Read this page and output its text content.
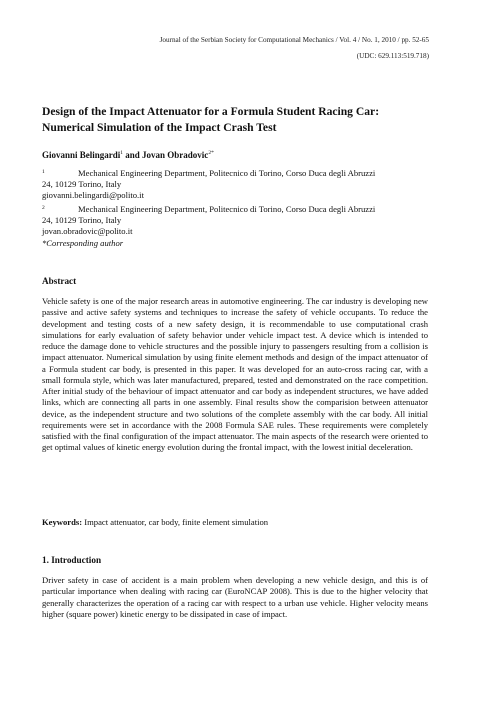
Journal of the Serbian Society for Computational Mechanics / Vol. 4 / No. 1, 2010 / pp. 52-65
(UDC: 629.113:519.718)
Design of the Impact Attenuator for a Formula Student Racing Car:
Numerical Simulation of the Impact Crash Test
Giovanni Belingardi$^1$ and Jovan Obradovic$^{2*}$
1	Mechanical Engineering Department, Politecnico di Torino, Corso Duca degli Abruzzi
24, 10129 Torino, Italy
giovanni.belingardi@polito.it
2	Mechanical Engineering Department, Politecnico di Torino, Corso Duca degli Abruzzi
24, 10129 Torino, Italy
jovan.obradovic@polito.it
*Corresponding author
Abstract
Vehicle safety is one of the major research areas in automotive engineering. The car industry is developing new passive and active safety systems and techniques to increase the safety of vehicle occupants. To reduce the development and testing costs of a new safety design, it is recommendable to use computational crash simulations for early evaluation of safety behavior under vehicle impact test. A device which is intended to reduce the damage done to vehicle structures and the possible injury to passengers resulting from a collision is impact attenuator. Numerical simulation by using finite element methods and design of the impact attenuator of a Formula student car body, is presented in this paper. It was developed for an auto-cross racing car, with a small formula style, which was later manufactured, prepared, tested and demonstrated on the race competition. After initial study of the behaviour of impact attenuator and car body as independent structures, we have added links, which are connecting all parts in one assembly. Final results show the comparision between attenuator device, as the independent structure and two solutions of the complete assembly with the car body. All initial requirements were set in accordance with the 2008 Formula SAE rules. These requirements were completely satisfied with the final configuration of the impact attenuator. The main aspects of the research were oriented to get optimal values of kinetic energy evolution during the frontal impact, with the lowest initial deceleration.
Keywords: Impact attenuator, car body, finite element simulation
1. Introduction
Driver safety in case of accident is a main problem when developing a new vehicle design, and this is of particular importance when dealing with racing car (EuroNCAP 2008). This is due to the higher velocity that generally characterizes the operation of a racing car with respect to a urban use vehicle. Higher velocity means higher (square power) kinetic energy to be dissipated in case of impact.
